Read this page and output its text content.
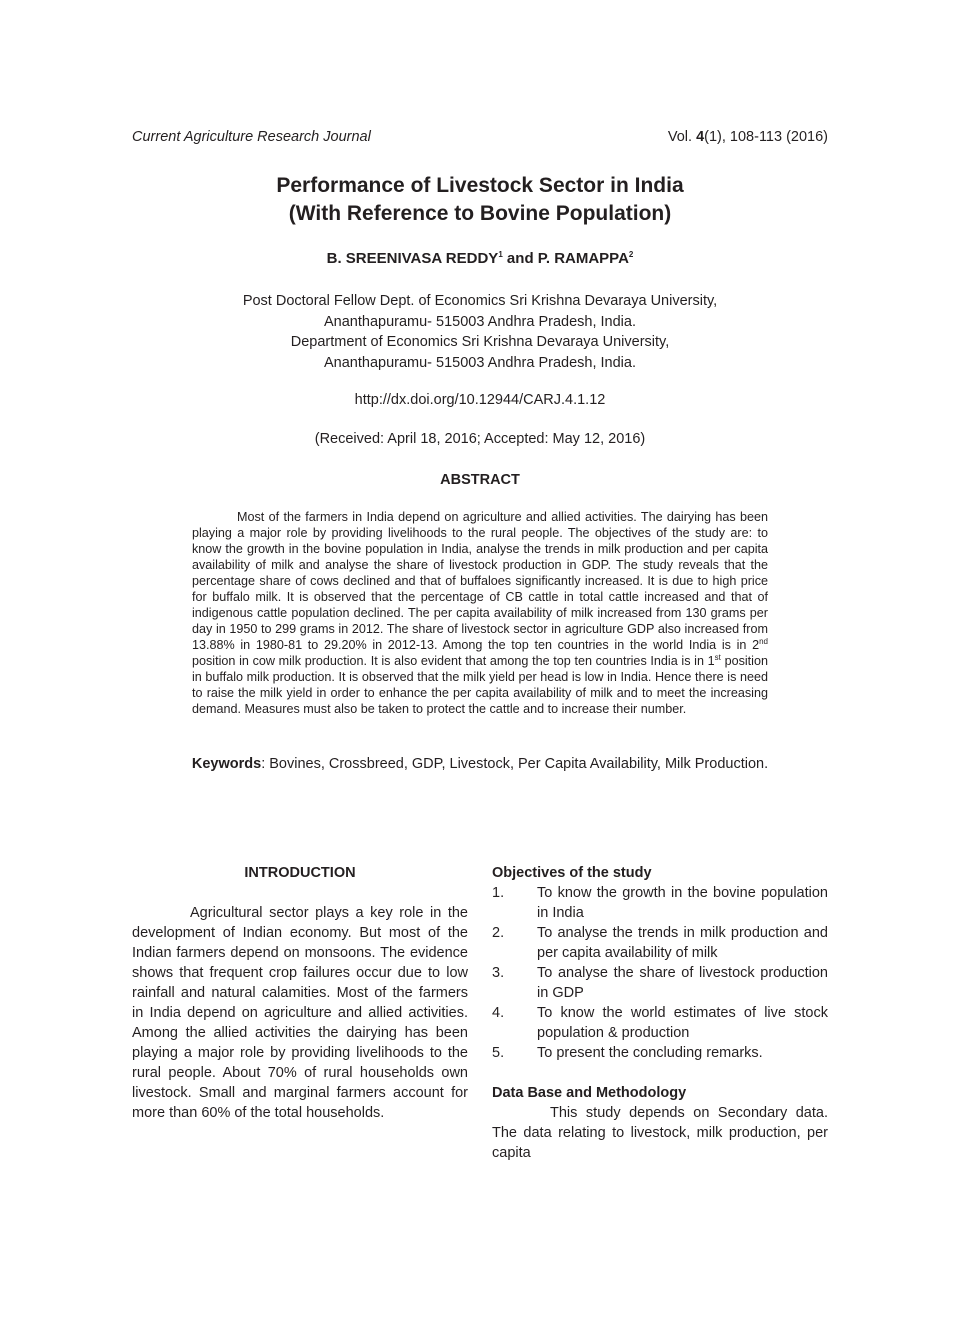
Current Agriculture Research Journal	Vol. 4(1), 108-113 (2016)
Performance of Livestock Sector in India
(With Reference to Bovine Population)
B. SREENIVASA REDDY$^1$ and P. RAMAPPA$^2$
Post Doctoral Fellow Dept. of Economics Sri Krishna Devaraya University,
Ananthapuramu- 515003 Andhra Pradesh, India.
Department of Economics Sri Krishna Devaraya University,
Ananthapuramu- 515003 Andhra Pradesh, India.
http://dx.doi.org/10.12944/CARJ.4.1.12
(Received: April 18, 2016; Accepted: May 12, 2016)
ABSTRACT

Most of the farmers in India depend on agriculture and allied activities. The dairying has been playing a major role by providing livelihoods to the rural people. The objectives of the study are: to know the growth in the bovine population in India, analyse the trends in milk production and per capita availability of milk and analyse the share of livestock production in GDP. The study reveals that the percentage share of cows declined and that of buffaloes significantly increased. It is due to high price for buffalo milk. It is observed that the percentage of CB cattle in total cattle increased and that of indigenous cattle population declined. The per capita availability of milk increased from 130 grams per day in 1950 to 299 grams in 2012. The share of livestock sector in agriculture GDP also increased from 13.88% in 1980-81 to 29.20% in 2012-13. Among the top ten countries in the world India is in 2nd position in cow milk production. It is also evident that among the top ten countries India is in 1st position in buffalo milk production. It is observed that the milk yield per head is low in India. Hence there is need to raise the milk yield in order to enhance the per capita availability of milk and to meet the increasing demand. Measures must also be taken to protect the cattle and to increase their number.

Keywords: Bovines, Crossbreed, GDP, Livestock, Per Capita Availability, Milk Production.
INTRODUCTION

Agricultural sector plays a key role in the development of Indian economy. But most of the Indian farmers depend on monsoons. The evidence shows that frequent crop failures occur due to low rainfall and natural calamities. Most of the farmers in India depend on agriculture and allied activities. Among the allied activities the dairying has been playing a major role by providing livelihoods to the rural people. About 70% of rural households own livestock. Small and marginal farmers account for more than 60% of the total households.

Objectives of the study
1. To know the growth in the bovine population in India
2. To analyse the trends in milk production and per capita availability of milk
3. To analyse the share of livestock production in GDP
4. To know the world estimates of live stock population & production
5. To present the concluding remarks.
Data Base and Methodology

This study depends on Secondary data. The data relating to livestock, milk production, per capita
